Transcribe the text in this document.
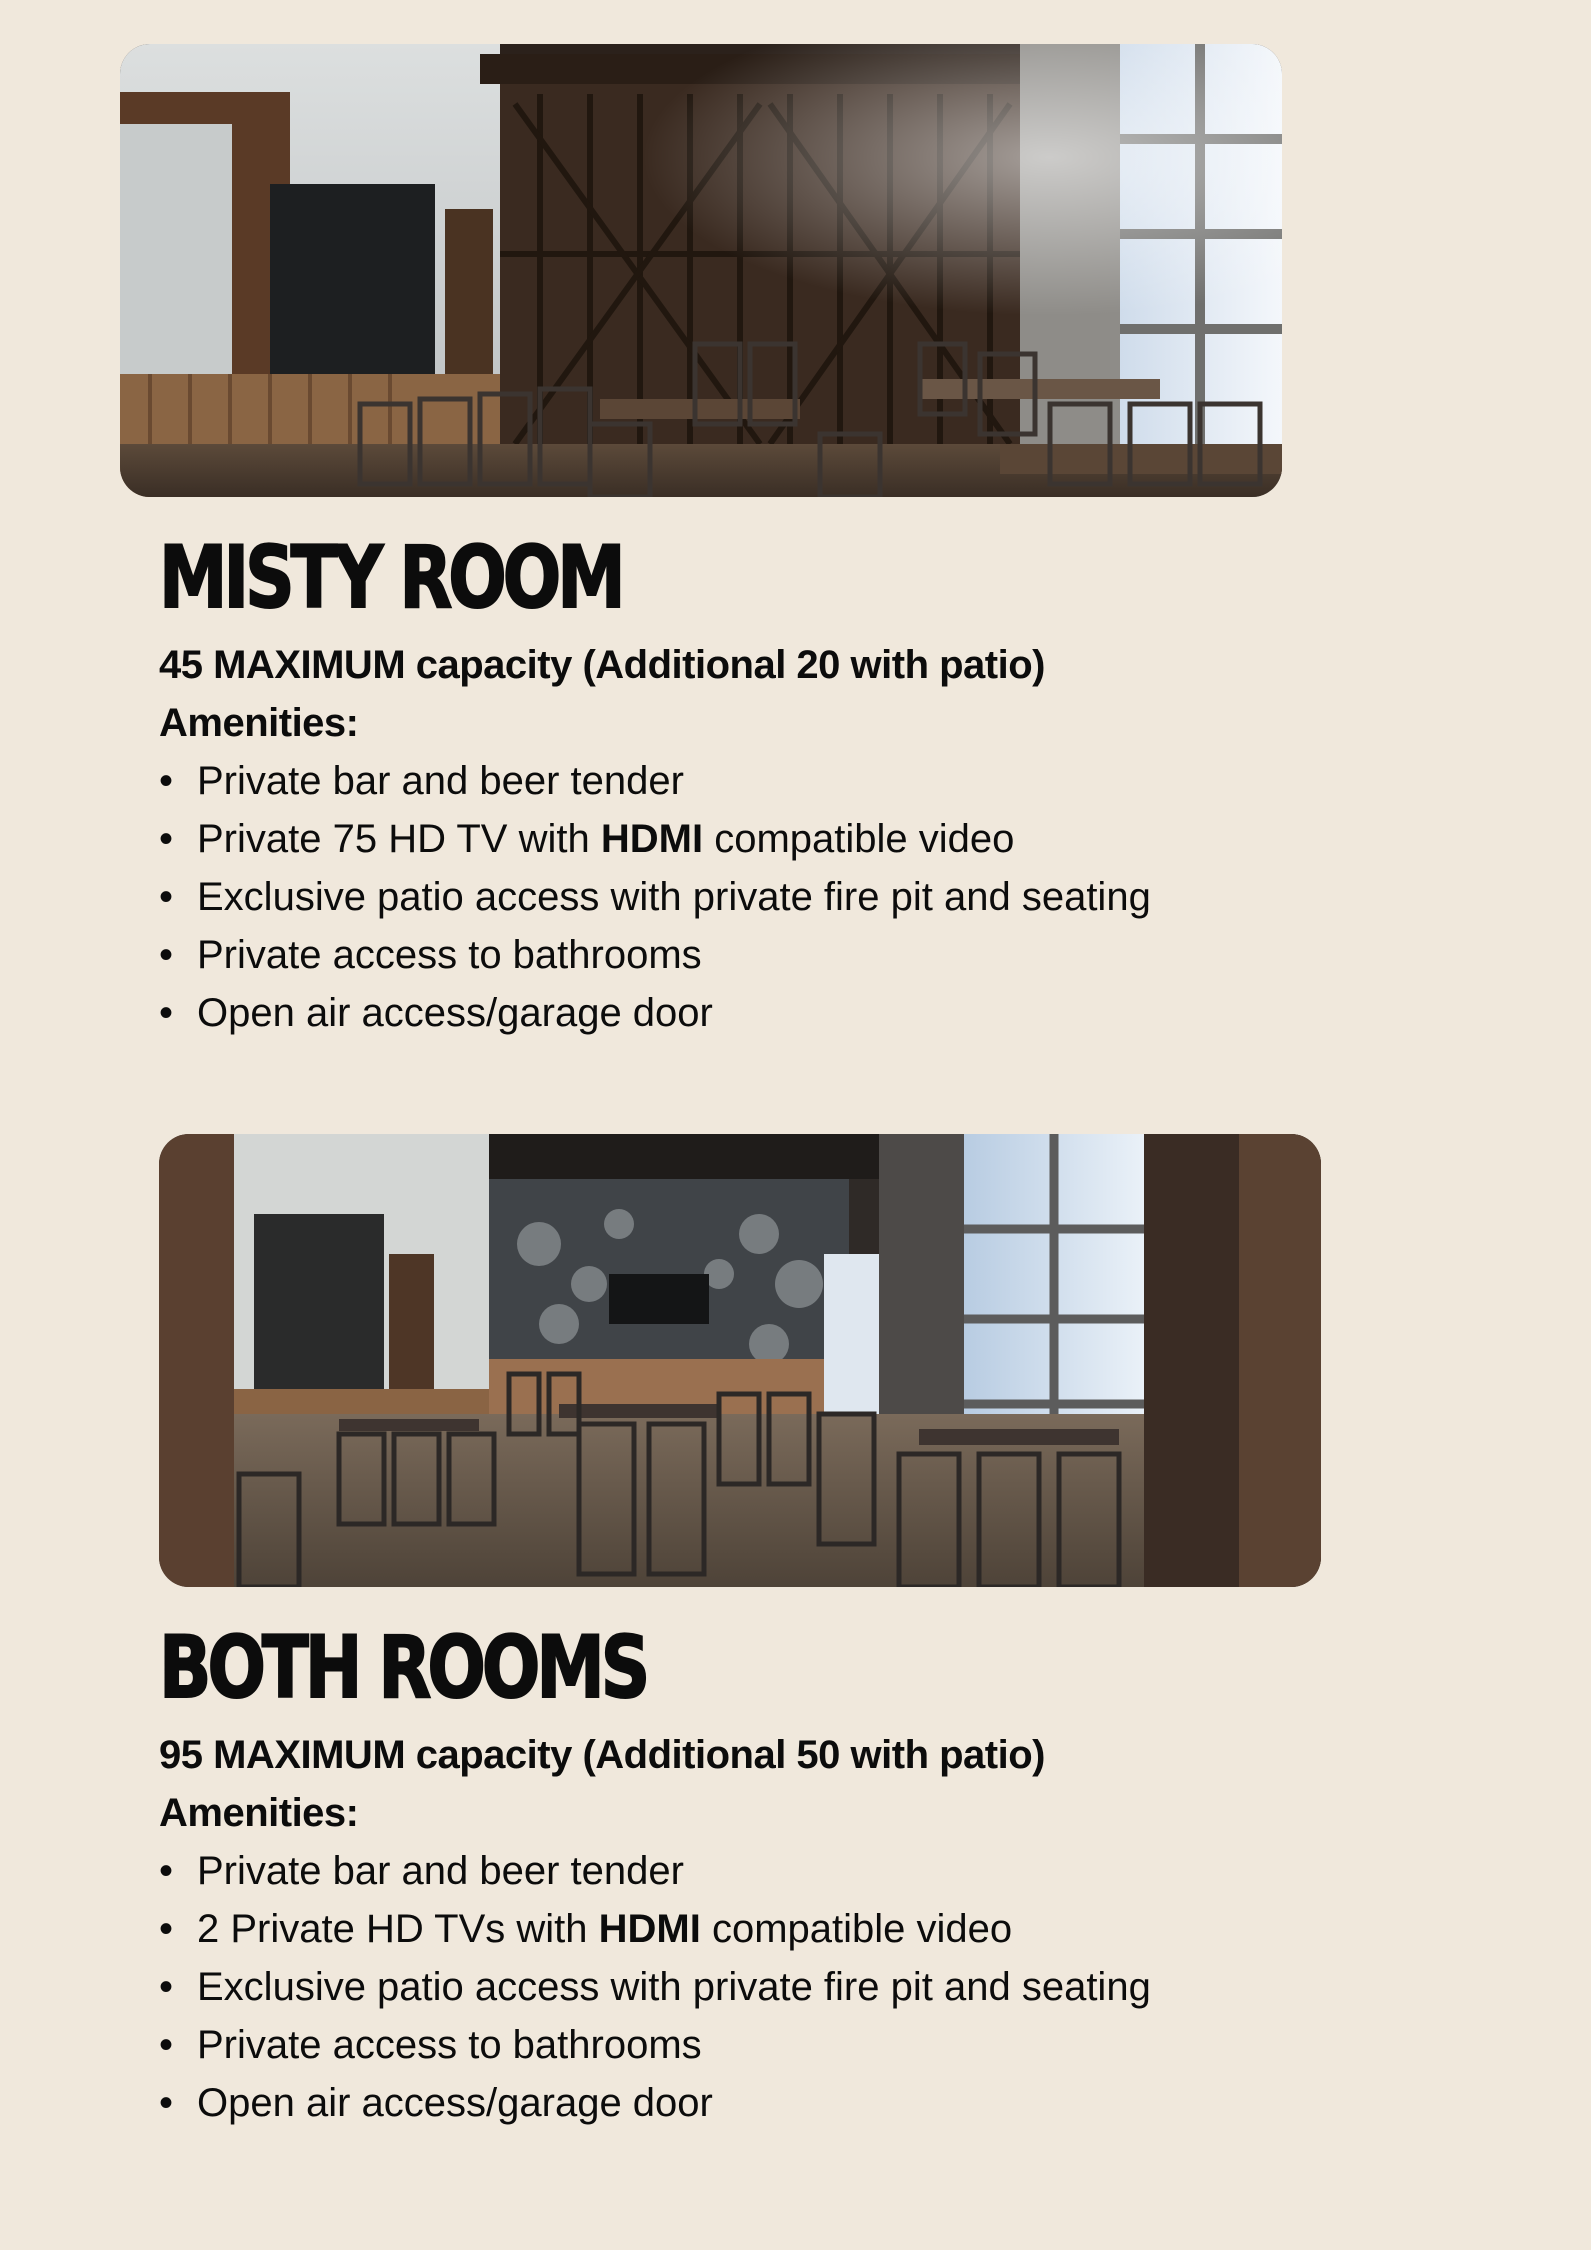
MISTY ROOM
45 MAXIMUM capacity (Additional 20 with patio)
Amenities:
• Private bar and beer tender
• Private 75 HD TV with HDMI compatible video
• Exclusive patio access with private fire pit and seating
• Private access to bathrooms
• Open air access/garage door
BOTH ROOMS
95 MAXIMUM capacity (Additional 50 with patio)
Amenities:
• Private bar and beer tender
• 2 Private HD TVs with HDMI compatible video
• Exclusive patio access with private fire pit and seating
• Private access to bathrooms
• Open air access/garage door
